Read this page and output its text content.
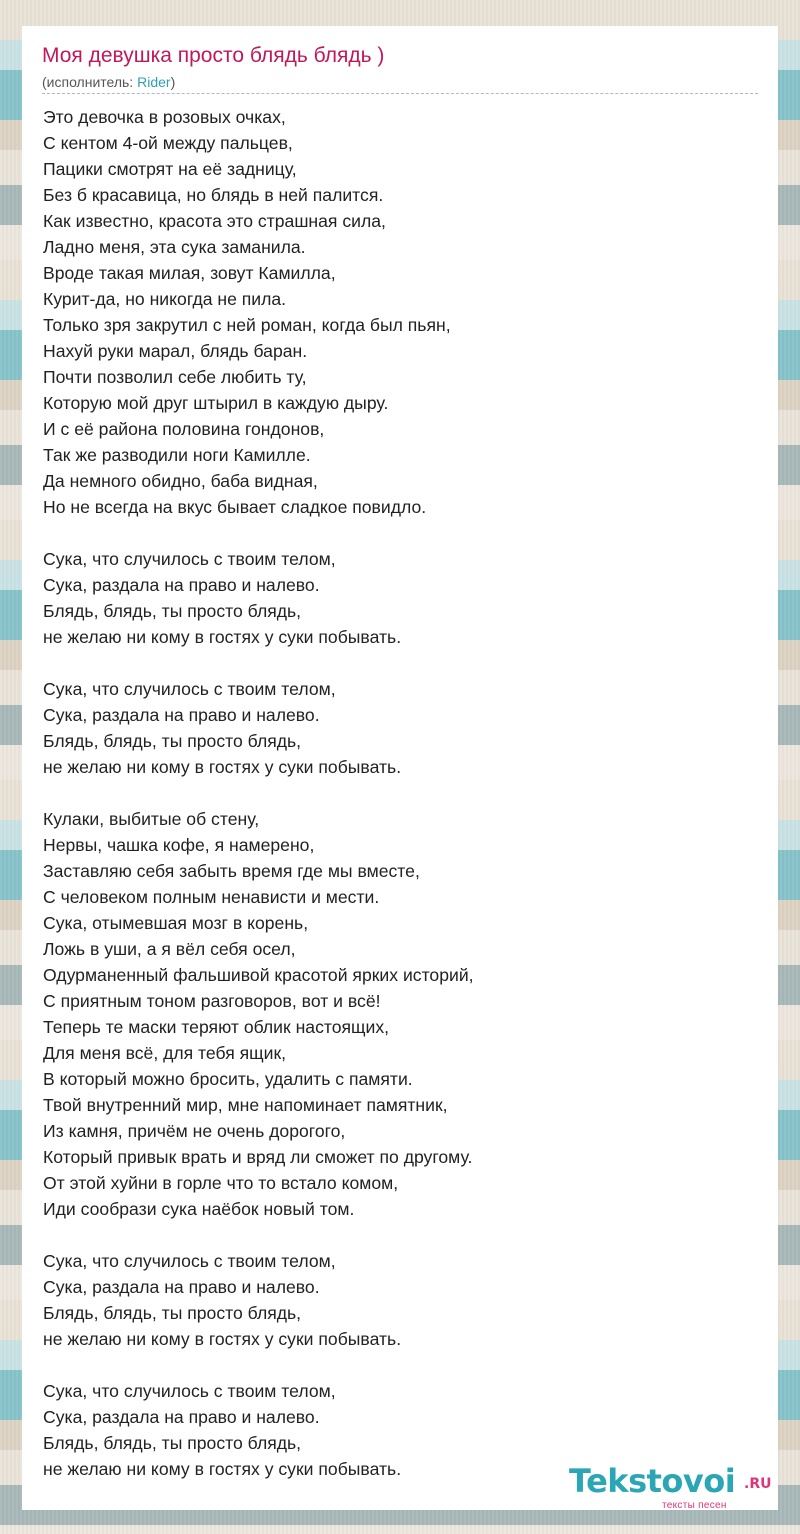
Моя девушка просто блядь блядь )
(исполнитель: Rider)
Это девочка в розовых очках,
С кентом 4-ой между пальцев,
Пацики смотрят на её задницу,
Без б красавица, но блядь в ней палится.
Как известно, красота это страшная сила,
Ладно меня, эта сука заманила.
Вроде такая милая, зовут Камилла,
Курит-да, но никогда не пила.
Только зря закрутил с ней роман, когда был пьян,
Нахуй руки марал, блядь баран.
Почти позволил себе любить ту,
Которую мой друг штырил в каждую дыру.
И с её района половина гондонов,
Так же разводили ноги Камилле.
Да немного обидно, баба видная,
Но не всегда на вкус бывает сладкое повидло.
Сука, что случилось с твоим телом,
Сука, раздала на право и налево.
Блядь, блядь, ты просто блядь,
не желаю ни кому в гостях у суки побывать.
Сука, что случилось с твоим телом,
Сука, раздала на право и налево.
Блядь, блядь, ты просто блядь,
не желаю ни кому в гостях у суки побывать.
Кулаки, выбитые об стену,
Нервы, чашка кофе, я намерено,
Заставляю себя забыть время где мы вместе,
С человеком полным ненависти и мести.
Сука, отымевшая мозг в корень,
Ложь в уши, а я вёл себя осел,
Одурманенный фальшивой красотой ярких историй,
С приятным тоном разговоров, вот и всё!
Теперь те маски теряют облик настоящих,
Для меня всё, для тебя ящик,
В который можно бросить, удалить с памяти.
Твой внутренний мир, мне напоминает памятник,
Из камня, причём не очень дорогого,
Который привык врать и вряд ли сможет по другому.
От этой хуйни в горле что то встало комом,
Иди сообрази сука наёбок новый том.
Сука, что случилось с твоим телом,
Сука, раздала на право и налево.
Блядь, блядь, ты просто блядь,
не желаю ни кому в гостях у суки побывать.
Сука, что случилось с твоим телом,
Сука, раздала на право и налево.
Блядь, блядь, ты просто блядь,
не желаю ни кому в гостях у суки побывать.	Tekstovoi .RU
тексты песен
